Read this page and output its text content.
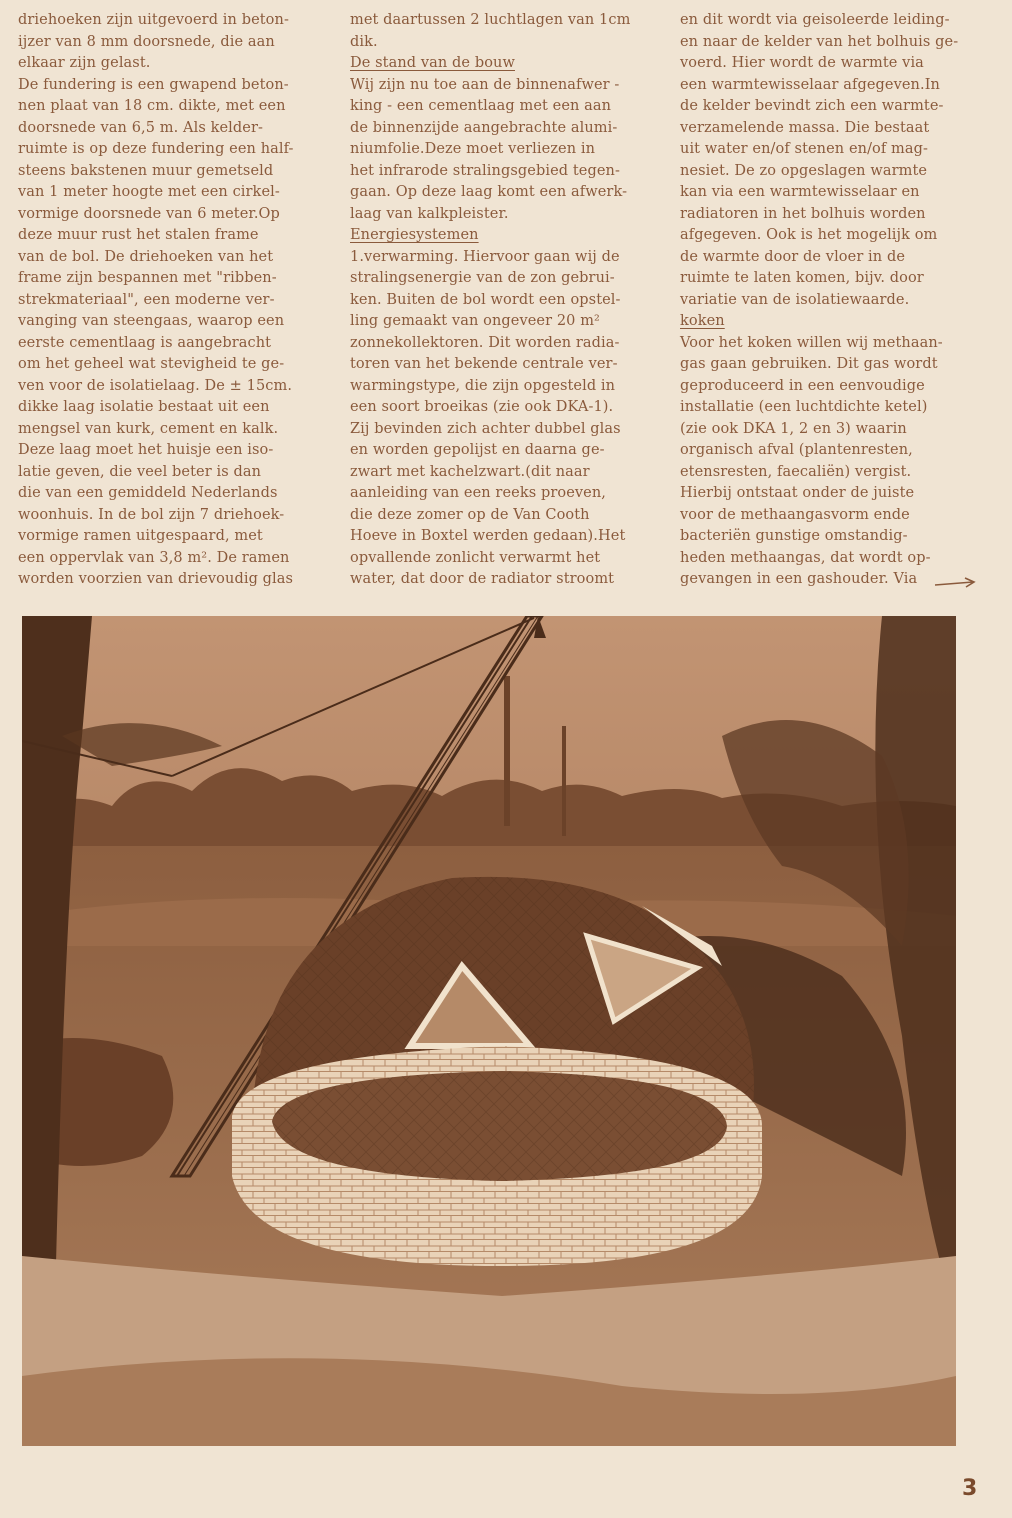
driehoeken zijn uitgevoerd in beton-
ijzer van 8 mm doorsnede, die aan
elkaar zijn gelast.
De fundering is een gwapend beton-
nen plaat van 18 cm. dikte, met een
doorsnede van 6,5 m. Als kelder-
ruimte is op deze fundering een half-
steens bakstenen muur gemetseld
van 1 meter hoogte met een cirkel-
vormige doorsnede van 6 meter.Op
deze muur rust het stalen frame
van de bol. De driehoeken van het
frame zijn bespannen met "ribben-
strekmateriaal", een moderne ver-
vanging van steengaas, waarop een
eerste cementlaag is aangebracht
om het geheel wat stevigheid te ge-
ven voor de isolatielaag. De ± 15cm.
dikke laag isolatie bestaat uit een
mengsel van kurk, cement en kalk.
Deze laag moet het huisje een iso-
latie geven, die veel beter is dan
die van een gemiddeld Nederlands
woonhuis. In de bol zijn 7 driehoek-
vormige ramen uitgespaard, met
een oppervlak van 3,8 m². De ramen
worden voorzien van drievoudig glas
met daartussen 2 luchtlagen van 1cm
dik.
De stand van de bouw
Wij zijn nu toe aan de binnenafwer -
king - een cementlaag met een aan
de binnenzijde aangebrachte alumi-
niumfolie.Deze moet verliezen in
het infrarode stralingsgebied tegen-
gaan. Op deze laag komt een afwerk-
laag van kalkpleister.
Energiesystemen
1.verwarming. Hiervoor gaan wij de
stralingsenergie van de zon gebrui-
ken. Buiten de bol wordt een opstel-
ling gemaakt van ongeveer 20 m²
zonnekollektoren. Dit worden radia-
toren van het bekende centrale ver-
warmingstype, die zijn opgesteld in
een soort broeikas (zie ook DKA-1).
Zij bevinden zich achter dubbel glas
en worden gepolijst en daarna ge-
zwart met kachelzwart.(dit naar
aanleiding van een reeks proeven,
die deze zomer op de Van Cooth
Hoeve in Boxtel werden gedaan).Het
opvallende zonlicht verwarmt het
water, dat door de radiator stroomt
en dit wordt via geisoleerde leiding-
en naar de kelder van het bolhuis ge-
voerd. Hier wordt de warmte via
een warmtewisselaar afgegeven.In
de kelder bevindt zich een warmte-
verzamelende massa. Die bestaat
uit water en/of stenen en/of mag-
nesiet. De zo opgeslagen warmte
kan via een warmtewisselaar en
radiatoren in het bolhuis worden
afgegeven. Ook is het mogelijk om
de warmte door de vloer in de
ruimte te laten komen, bijv. door
variatie van de isolatiewaarde.
koken
Voor het koken willen wij methaan-
gas gaan gebruiken. Dit gas wordt
geproduceerd in een eenvoudige
installatie (een luchtdichte ketel)
(zie ook DKA 1, 2 en 3) waarin
organisch afval (plantenresten,
etensresten, faecaliën) vergist.
Hierbij ontstaat onder de juiste
voor de methaangasvorm ende
bacteriën gunstige omstandig-
heden methaangas, dat wordt op-
gevangen in een gashouder. Via
3
